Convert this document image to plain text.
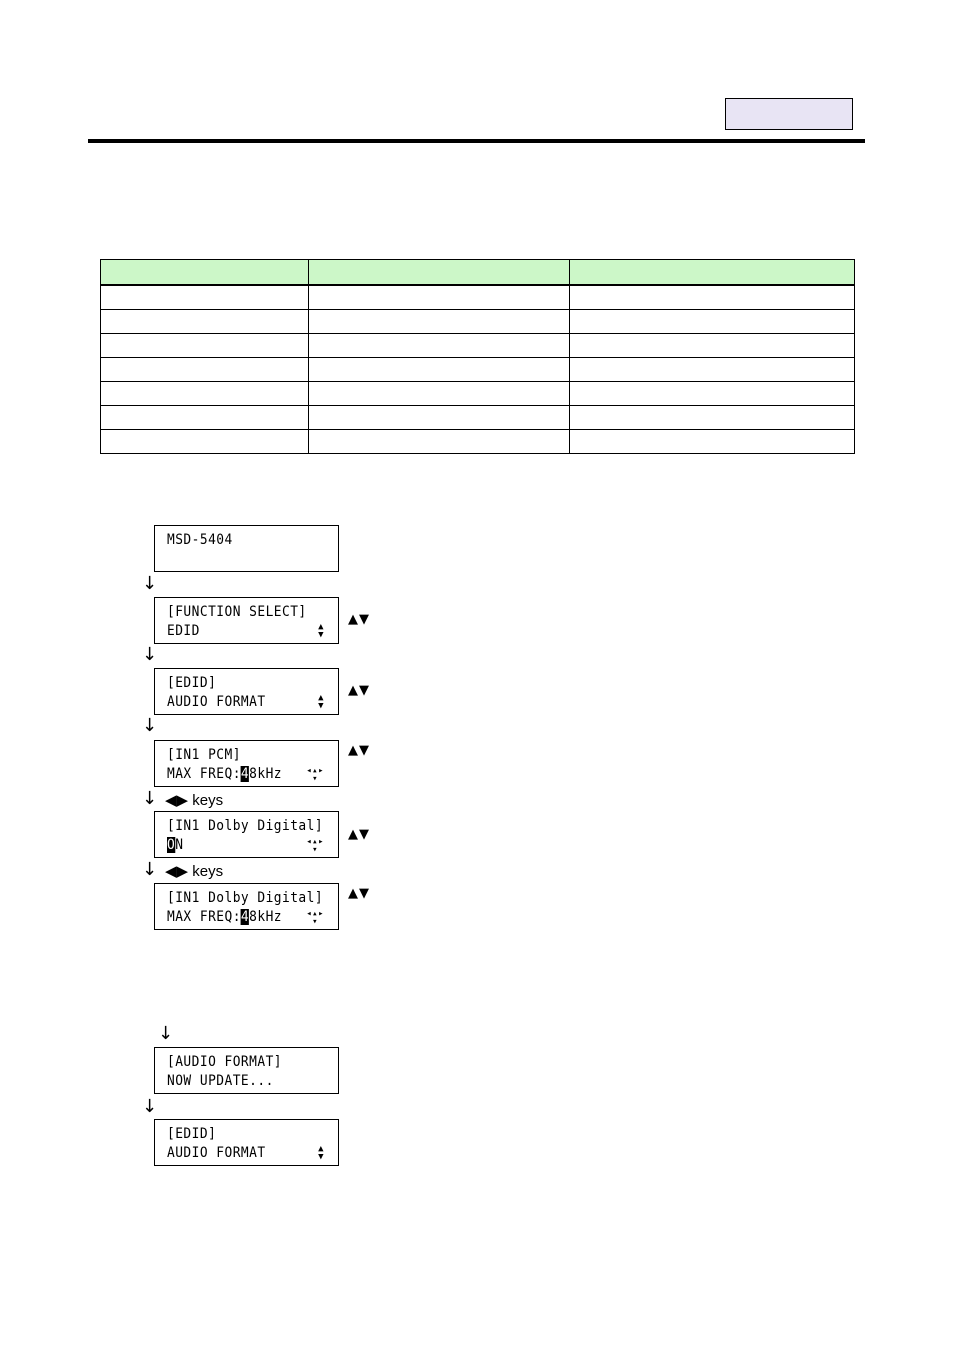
MSD-5404
↓
[FUNCTION SELECT]
EDID	▲
▼
▲▼
↓
[EDID]
AUDIO FORMAT	▲
▼
▲▼
↓
[IN1 PCM]
MAX FREQ:48kHz	◂▴▸
▾
▲▼
↓ ◀▶ keys
[IN1 Dolby Digital]
ON	◂▴▸
▾
▲▼
↓ ◀▶ keys
[IN1 Dolby Digital]
MAX FREQ:48kHz	◂▴▸
▾
▲▼
↓
[AUDIO FORMAT]
NOW UPDATE...
↓
[EDID]
AUDIO FORMAT	▲
▼
